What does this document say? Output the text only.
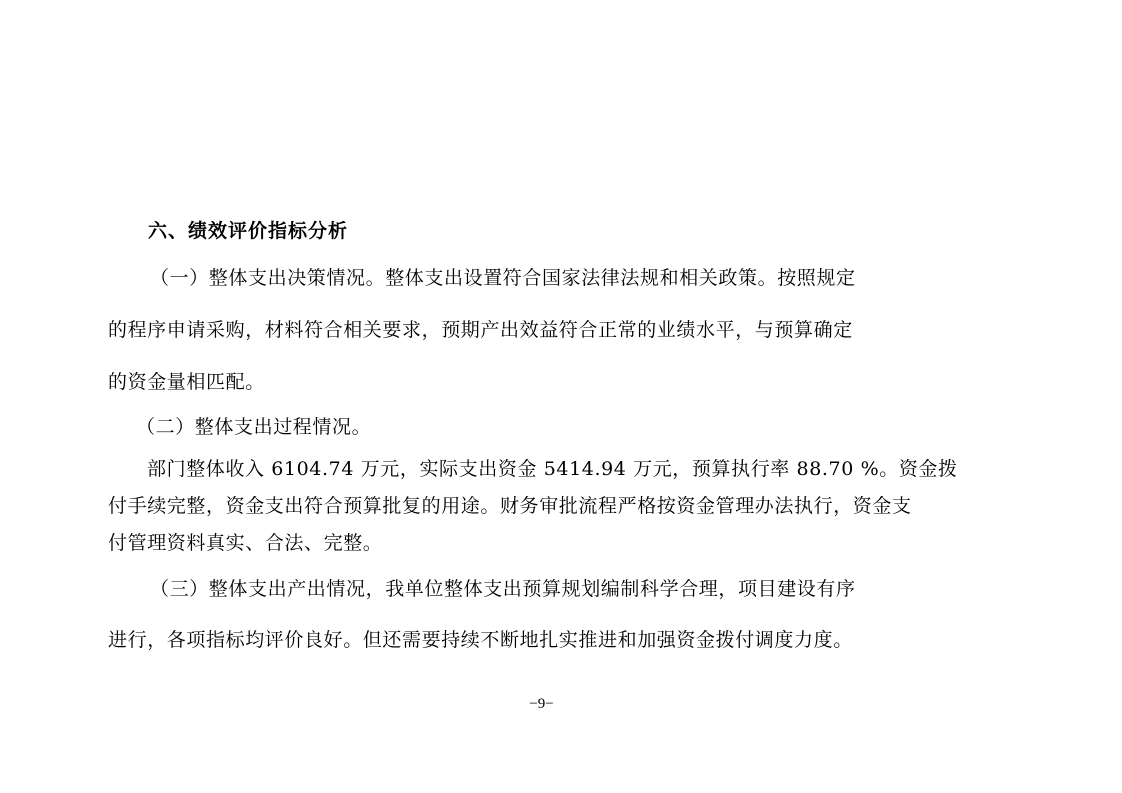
六、绩效评价指标分析
（一）整体支出决策情况。整体支出设置符合国家法律法规和相关政策。按照规定
的程序申请采购，材料符合相关要求，预期产出效益符合正常的业绩水平，与预算确定
的资金量相匹配。
（二）整体支出过程情况。
部门整体收入 6104.74 万元，实际支出资金 5414.94 万元，预算执行率 88.70 %。资金拨
付手续完整，资金支出符合预算批复的用途。财务审批流程严格按资金管理办法执行，资金支
付管理资料真实、合法、完整。
（三）整体支出产出情况，我单位整体支出预算规划编制科学合理，项目建设有序
进行，各项指标均评价良好。但还需要持续不断地扎实推进和加强资金拨付调度力度。
−9−
